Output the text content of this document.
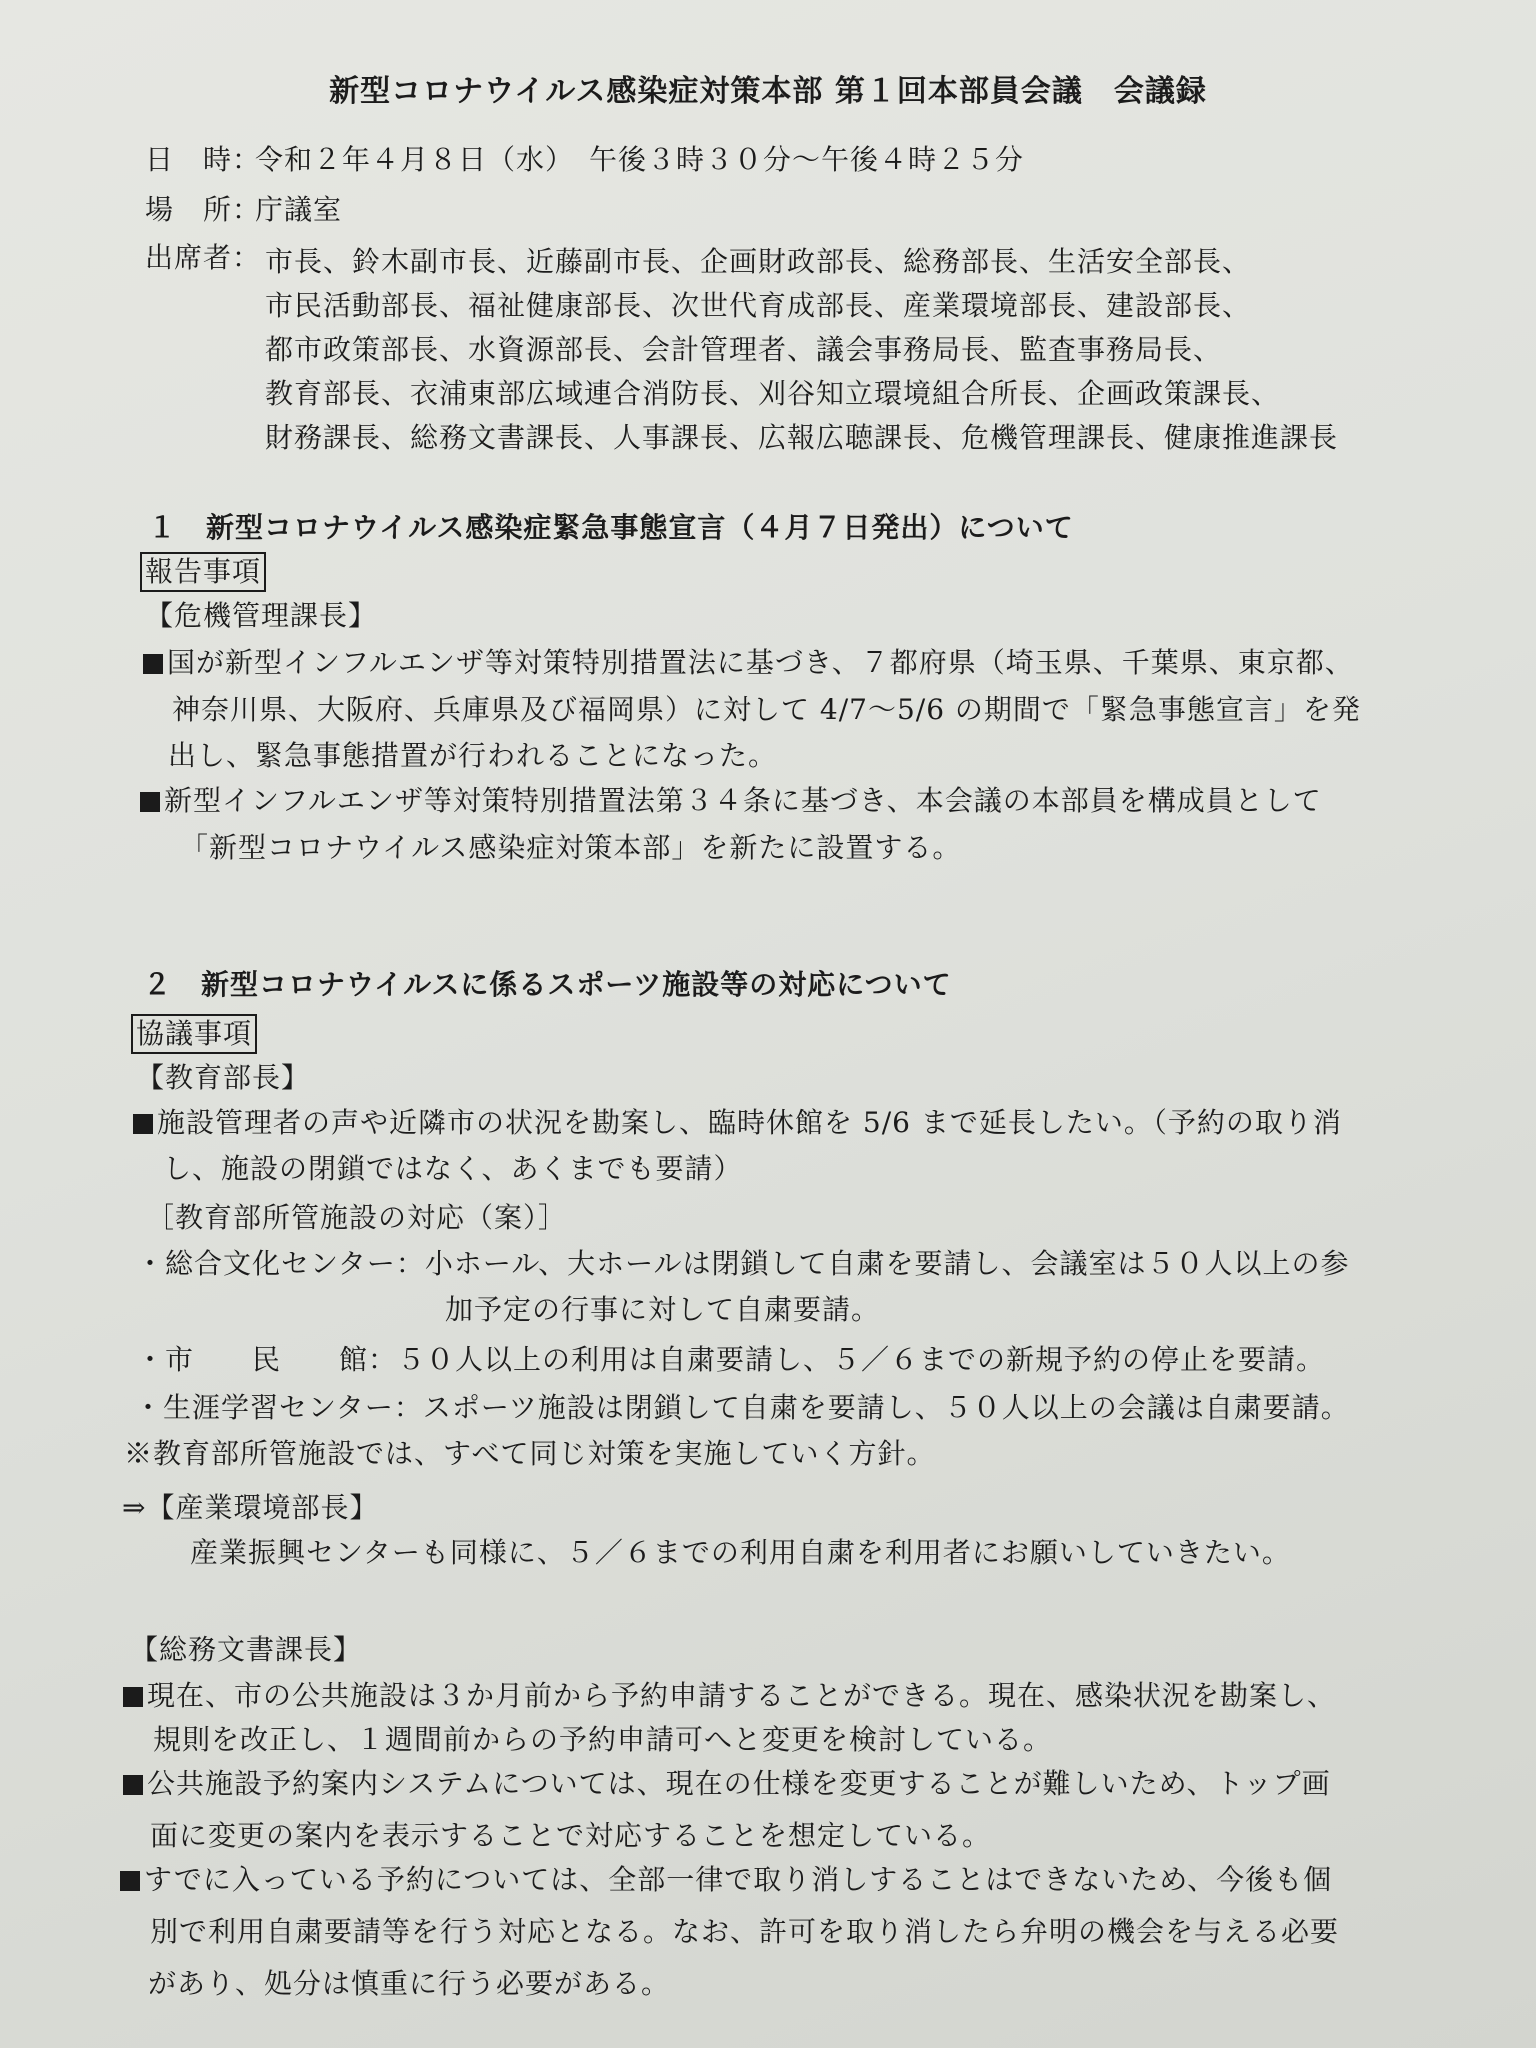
新型コロナウイルス感染症対策本部 第１回本部員会議　会議録
日　時：令和２年４月８日（水）　午後３時３０分～午後４時２５分
場　所：庁議室
出席者： 市長、鈴木副市長、近藤副市長、企画財政部長、総務部長、生活安全部長、
市民活動部長、福祉健康部長、次世代育成部長、産業環境部長、建設部長、
都市政策部長、水資源部長、会計管理者、議会事務局長、監査事務局長、
教育部長、衣浦東部広域連合消防長、刈谷知立環境組合所長、企画政策課長、
財務課長、総務文書課長、人事課長、広報広聴課長、危機管理課長、健康推進課長
１　新型コロナウイルス感染症緊急事態宣言（４月７日発出）について
報告事項
【危機管理課長】
国が新型インフルエンザ等対策特別措置法に基づき、７都府県（埼玉県、千葉県、東京都、
神奈川県、大阪府、兵庫県及び福岡県）に対して 4/7～5/6 の期間で「緊急事態宣言」を発
出し、緊急事態措置が行われることになった。
新型インフルエンザ等対策特別措置法第３４条に基づき、本会議の本部員を構成員として
「新型コロナウイルス感染症対策本部」を新たに設置する。
２　新型コロナウイルスに係るスポーツ施設等の対応について
協議事項
【教育部長】
施設管理者の声や近隣市の状況を勘案し、臨時休館を 5/6 まで延長したい。（予約の取り消
し、施設の閉鎖ではなく、あくまでも要請）
［教育部所管施設の対応（案）］
・総合文化センター：小ホール、大ホールは閉鎖して自粛を要請し、会議室は５０人以上の参
加予定の行事に対して自粛要請。
・市　　民　　館：５０人以上の利用は自粛要請し、５／６までの新規予約の停止を要請。
・生涯学習センター：スポーツ施設は閉鎖して自粛を要請し、５０人以上の会議は自粛要請。
※教育部所管施設では、すべて同じ対策を実施していく方針。
⇒【産業環境部長】
産業振興センターも同様に、５／６までの利用自粛を利用者にお願いしていきたい。
【総務文書課長】
現在、市の公共施設は３か月前から予約申請することができる。現在、感染状況を勘案し、
規則を改正し、１週間前からの予約申請可へと変更を検討している。
公共施設予約案内システムについては、現在の仕様を変更することが難しいため、トップ画
面に変更の案内を表示することで対応することを想定している。
すでに入っている予約については、全部一律で取り消しすることはできないため、今後も個
別で利用自粛要請等を行う対応となる。なお、許可を取り消したら弁明の機会を与える必要
があり、処分は慎重に行う必要がある。
